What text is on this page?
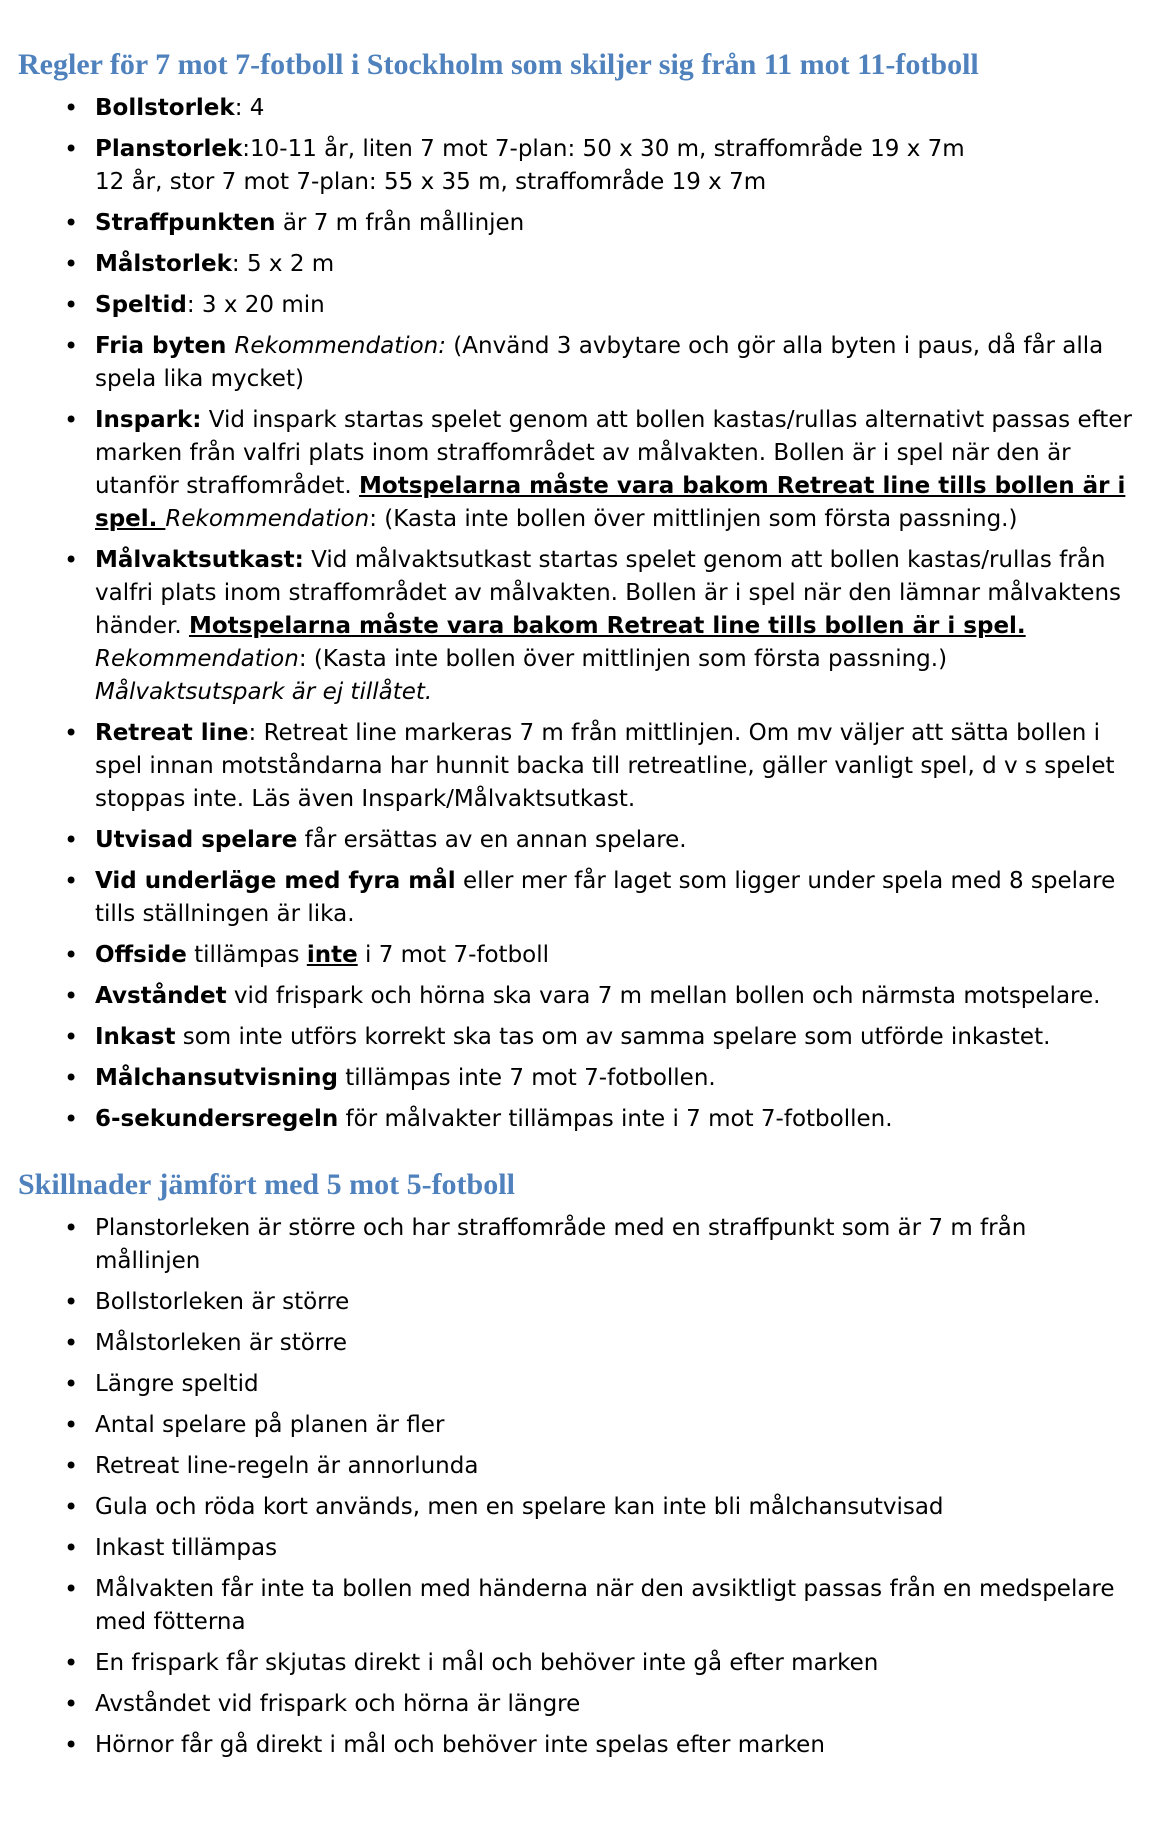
Regler för 7 mot 7-fotboll i Stockholm som skiljer sig från 11 mot 11-fotboll
• Bollstorlek: 4
• Planstorlek:10-11 år, liten 7 mot 7-plan: 50 x 30 m, straffområde 19 x 7m
12 år, stor 7 mot 7-plan: 55 x 35 m, straffområde 19 x 7m
• Straffpunkten är 7 m från mållinjen
• Målstorlek: 5 x 2 m
• Speltid: 3 x 20 min
• Fria byten Rekommendation: (Använd 3 avbytare och gör alla byten i paus, då får alla spela lika mycket)
• Inspark: Vid inspark startas spelet genom att bollen kastas/rullas alternativt passas efter marken från valfri plats inom straffområdet av målvakten. Bollen är i spel när den är utanför straffområdet. Motspelarna måste vara bakom Retreat line tills bollen är i spel. Rekommendation: (Kasta inte bollen över mittlinjen som första passning.)
• Målvaktsutkast: Vid målvaktsutkast startas spelet genom att bollen kastas/rullas från valfri plats inom straffområdet av målvakten. Bollen är i spel när den lämnar målvaktens händer. Motspelarna måste vara bakom Retreat line tills bollen är i spel. Rekommendation: (Kasta inte bollen över mittlinjen som första passning.) Målvaktsutspark är ej tillåtet.
• Retreat line: Retreat line markeras 7 m från mittlinjen. Om mv väljer att sätta bollen i spel innan motståndarna har hunnit backa till retreatline, gäller vanligt spel, d v s spelet stoppas inte. Läs även Inspark/Målvaktsutkast.
• Utvisad spelare får ersättas av en annan spelare.
• Vid underläge med fyra mål eller mer får laget som ligger under spela med 8 spelare tills ställningen är lika.
• Offside tillämpas inte i 7 mot 7-fotboll
• Avståndet vid frispark och hörna ska vara 7 m mellan bollen och närmsta motspelare.
• Inkast som inte utförs korrekt ska tas om av samma spelare som utförde inkastet.
• Målchansutvisning tillämpas inte 7 mot 7-fotbollen.
• 6-sekundersregeln för målvakter tillämpas inte i 7 mot 7-fotbollen.
Skillnader jämfört med 5 mot 5-fotboll
• Planstorleken är större och har straffområde med en straffpunkt som är 7 m från mållinjen
• Bollstorleken är större
• Målstorleken är större
• Längre speltid
• Antal spelare på planen är fler
• Retreat line-regeln är annorlunda
• Gula och röda kort används, men en spelare kan inte bli målchansutvisad
• Inkast tillämpas
• Målvakten får inte ta bollen med händerna när den avsiktligt passas från en medspelare med fötterna
• En frispark får skjutas direkt i mål och behöver inte gå efter marken
• Avståndet vid frispark och hörna är längre
• Hörnor får gå direkt i mål och behöver inte spelas efter marken
